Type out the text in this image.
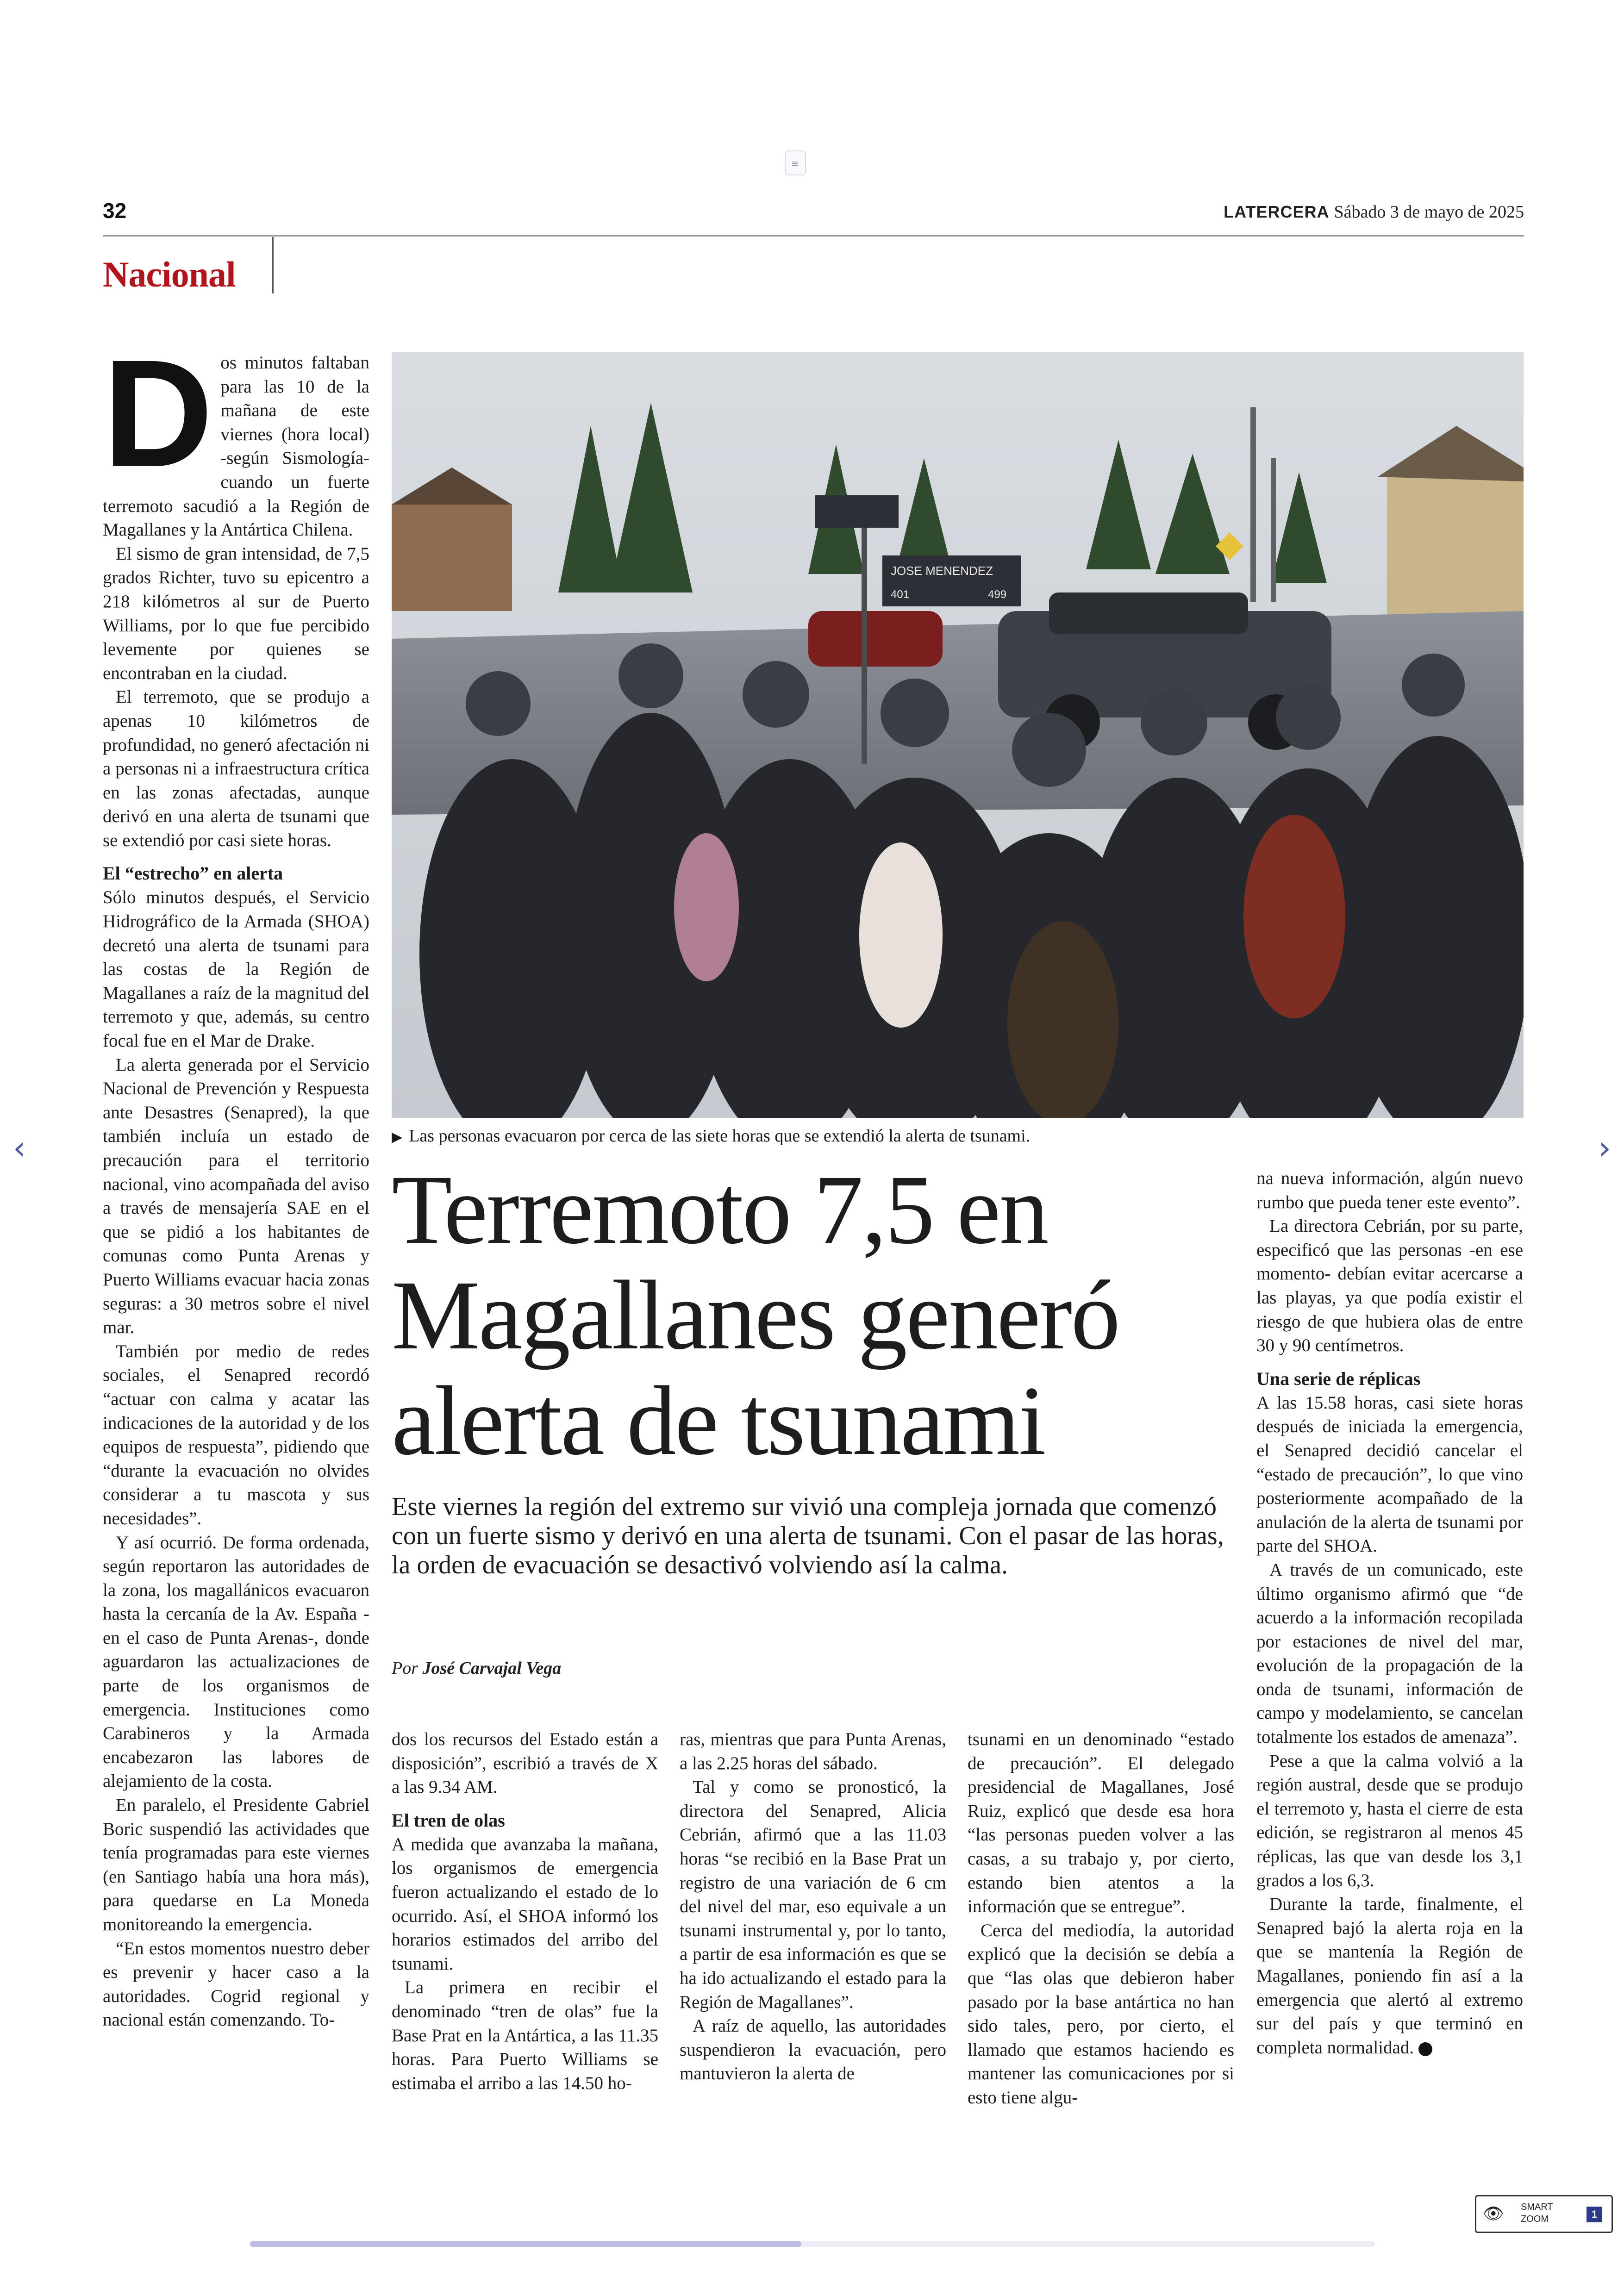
≡
32	LATERCERA Sábado 3 de mayo de 2025
Nacional
D os minutos faltaban para las 10 de la mañana de este viernes (hora local) -según Sismología- cuando un fuerte terremoto sacudió a la Región de Magallanes y la Antártica Chilena.

El sismo de gran intensidad, de 7,5 grados Richter, tuvo su epicentro a 218 kilómetros al sur de Puerto Williams, por lo que fue percibido levemente por quienes se encontraban en la ciudad.

El terremoto, que se produjo a apenas 10 kilómetros de profundidad, no generó afectación ni a personas ni a infraestructura crítica en las zonas afectadas, aunque derivó en una alerta de tsunami que se extendió por casi siete horas.

El “estrecho” en alerta

Sólo minutos después, el Servicio Hidrográfico de la Armada (SHOA) decretó una alerta de tsunami para las costas de la Región de Magallanes a raíz de la magnitud del terremoto y que, además, su centro focal fue en el Mar de Drake.

La alerta generada por el Servicio Nacional de Prevención y Respuesta ante Desastres (Senapred), la que también incluía un estado de precaución para el territorio nacional, vino acompañada del aviso a través de mensajería SAE en el que se pidió a los habitantes de comunas como Punta Arenas y Puerto Williams evacuar hacia zonas seguras: a 30 metros sobre el nivel mar.

También por medio de redes sociales, el Senapred recordó “actuar con calma y acatar las indicaciones de la autoridad y de los equipos de respuesta”, pidiendo que “durante la evacuación no olvides considerar a tu mascota y sus necesidades”.

Y así ocurrió. De forma ordenada, según reportaron las autoridades de la zona, los magallánicos evacuaron hasta la cercanía de la Av. España -en el caso de Punta Arenas-, donde aguardaron las actualizaciones de parte de los organismos de emergencia. Instituciones como Carabineros y la Armada encabezaron las labores de alejamiento de la costa.

En paralelo, el Presidente Gabriel Boric suspendió las actividades que tenía programadas para este viernes (en Santiago había una hora más), para quedarse en La Moneda monitoreando la emergencia.

“En estos momentos nuestro deber es prevenir y hacer caso a la autoridades. Cogrid regional y nacional están comenzando. To-

JOSE MENENDEZ
401	499
▶ Las personas evacuaron por cerca de las siete horas que se extendió la alerta de tsunami.
Terremoto 7,5 en Magallanes generó alerta de tsunami

Este viernes la región del extremo sur vivió una compleja jornada que comenzó con un fuerte sismo y derivó en una alerta de tsunami. Con el pasar de las horas, la orden de evacuación se desactivó volviendo así la calma.

Por José Carvajal Vega

dos los recursos del Estado están a disposición”, escribió a través de X a las 9.34 AM.

El tren de olas

A medida que avanzaba la mañana, los organismos de emergencia fueron actualizando el estado de lo ocurrido. Así, el SHOA informó los horarios estimados del arribo del tsunami.

La primera en recibir el denominado “tren de olas” fue la Base Prat en la Antártica, a las 11.35 horas. Para Puerto Williams se estimaba el arribo a las 14.50 ho-

ras, mientras que para Punta Arenas, a las 2.25 horas del sábado.

Tal y como se pronosticó, la directora del Senapred, Alicia Cebrián, afirmó que a las 11.03 horas “se recibió en la Base Prat un registro de una variación de 6 cm del nivel del mar, eso equivale a un tsunami instrumental y, por lo tanto, a partir de esa información es que se ha ido actualizando el estado para la Región de Magallanes”.

A raíz de aquello, las autoridades suspendieron la evacuación, pero mantuvieron la alerta de

tsunami en un denominado “estado de precaución”. El delegado presidencial de Magallanes, José Ruiz, explicó que desde esa hora “las personas pueden volver a las casas, a su trabajo y, por cierto, estando bien atentos a la información que se entregue”.

Cerca del mediodía, la autoridad explicó que la decisión se debía a que “las olas que debieron haber pasado por la base antártica no han sido tales, pero, por cierto, el llamado que estamos haciendo es mantener las comunicaciones por si esto tiene algu-

na nueva información, algún nuevo rumbo que pueda tener este evento”.

La directora Cebrián, por su parte, especificó que las personas -en ese momento- debían evitar acercarse a las playas, ya que podía existir el riesgo de que hubiera olas de entre 30 y 90 centímetros.

Una serie de réplicas

A las 15.58 horas, casi siete horas después de iniciada la emergencia, el Senapred decidió cancelar el “estado de precaución”, lo que vino posteriormente acompañado de la anulación de la alerta de tsunami por parte del SHOA.

A través de un comunicado, este último organismo afirmó que “de acuerdo a la información recopilada por estaciones de nivel del mar, evolución de la propagación de la onda de tsunami, información de campo y modelamiento, se cancelan totalmente los estados de amenaza”.

Pese a que la calma volvió a la región austral, desde que se produjo el terremoto y, hasta el cierre de esta edición, se registraron al menos 45 réplicas, las que van desde los 3,1 grados a los 6,3.

Durante la tarde, finalmente, el Senapred bajó la alerta roja en la que se mantenía la Región de Magallanes, poniendo fin así a la emergencia que alertó al extremo sur del país y que terminó en completa normalidad.

‹	›
👁 SMART ZOOM	1
